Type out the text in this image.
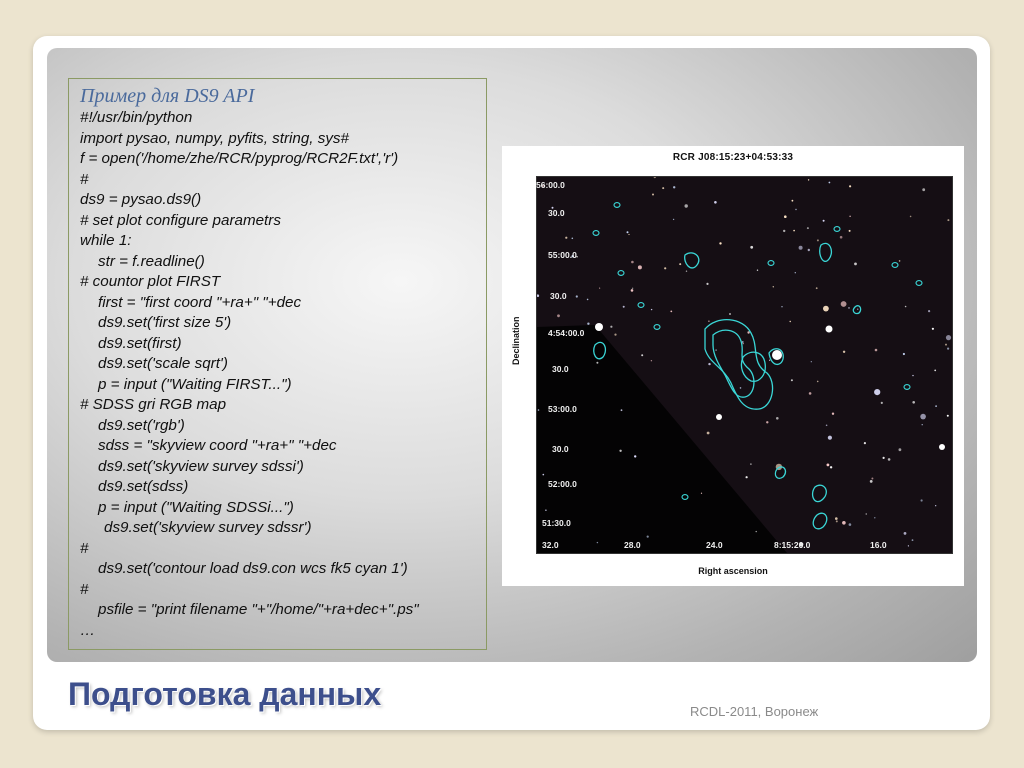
Пример для DS9 API
#!/usr/bin/python
import pysao, numpy, pyfits, string, sys#
f = open('/home/zhe/RCR/pyprog/RCR2F.txt','r')
#
ds9 = pysao.ds9()
# set plot configure parametrs
while 1:
str = f.readline()
# countor plot FIRST
first = "first coord "+ra+" "+dec
ds9.set('first size 5')
ds9.set(first)
ds9.set('scale sqrt')
p = input ("Waiting FIRST...")
# SDSS gri RGB map
ds9.set('rgb')
sdss = "skyview coord "+ra+" "+dec
ds9.set('skyview survey sdssi')
ds9.set(sdss)
p = input ("Waiting SDSSi...")
ds9.set('skyview survey sdssr')
#
ds9.set('contour load ds9.con wcs fk5 cyan 1')
#
psfile = "print filename "+"/home/"+ra+dec+".ps"
…
RCR J08:15:23+04:53:33
Declination
56:00.0
30.0
55:00.0
30.0
4:54:00.0
30.0
53:00.0
30.0
52:00.0
51:30.0
32.0	28.0	24.0	8:15:20.0	16.0
Right ascension
Подготовка данных	RCDL-2011, Воронеж
